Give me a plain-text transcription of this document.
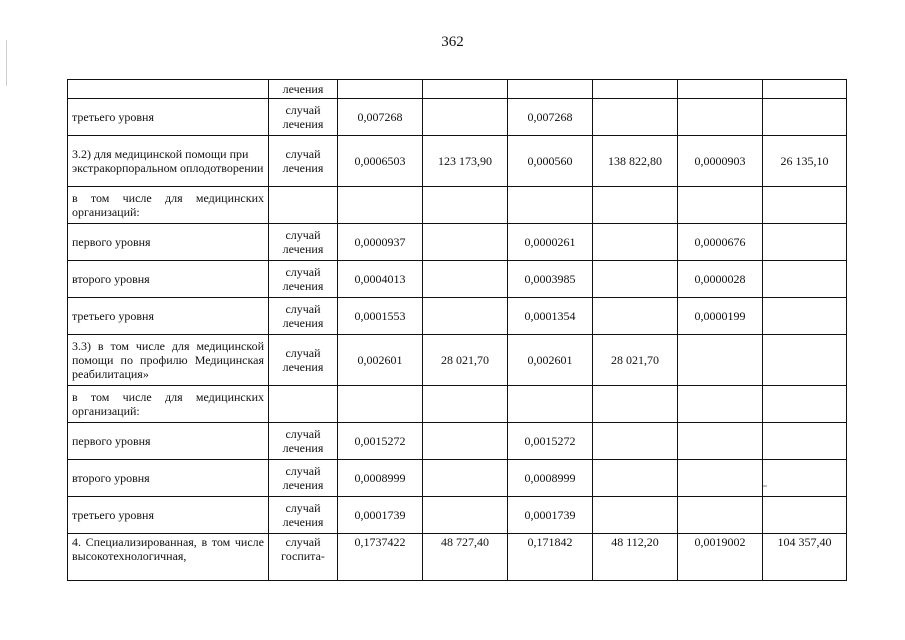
362
	лечения						
третьего уровня	случай лечения	0,007268		0,007268			
3.2) для медицинской помощи при экстракорпоральном оплодотворении	случай лечения	0,0006503	123 173,90	0,000560	138 822,80	0,0000903	26 135,10
в том числе для медицинских организаций:							
первого уровня	случай лечения	0,0000937		0,0000261		0,0000676	
второго уровня	случай лечения	0,0004013		0,0003985		0,0000028	
третьего уровня	случай лечения	0,0001553		0,0001354		0,0000199	
3.3) в том числе для медицинской помощи по профилю Медицинская реабилитация»	случай лечения	0,002601	28 021,70	0,002601	28 021,70		
в том числе для медицинских организаций:							
первого уровня	случай лечения	0,0015272		0,0015272			
второго уровня	случай лечения	0,0008999		0,0008999			
третьего уровня	случай лечения	0,0001739		0,0001739			
4. Специализированная, в том числе высокотехнологичная,	случай госпита-	0,1737422	48 727,40	0,171842	48 112,20	0,0019002	104 357,40
